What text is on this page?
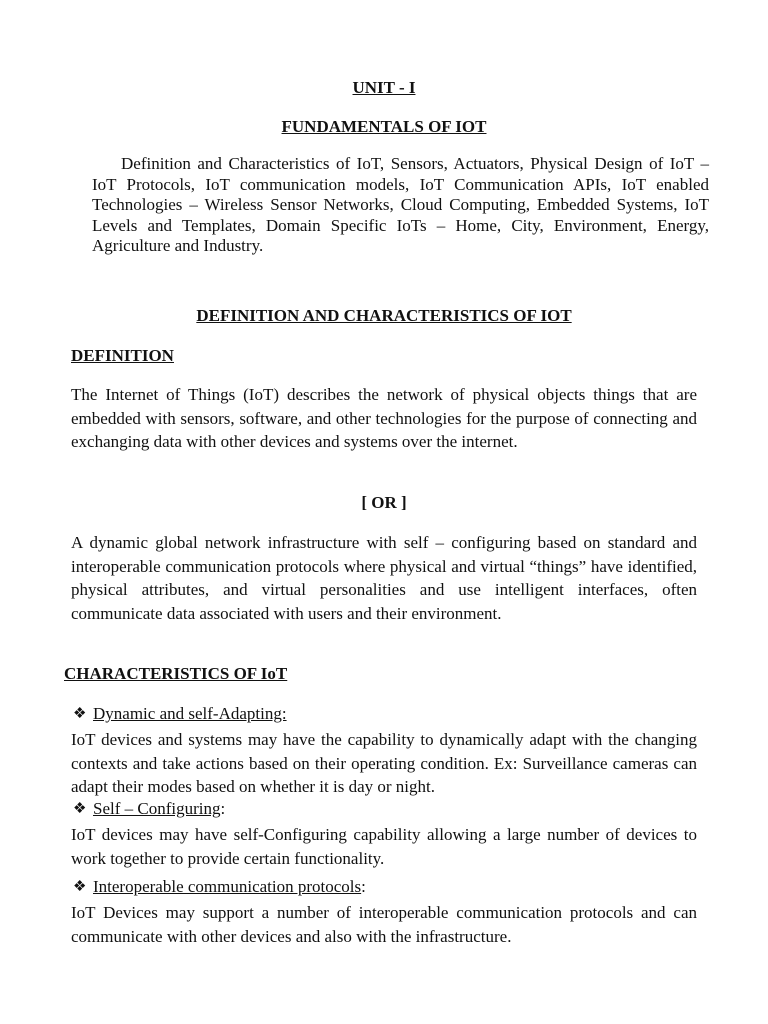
UNIT - I
FUNDAMENTALS OF IOT

Definition and Characteristics of IoT, Sensors, Actuators, Physical Design of IoT – IoT Protocols, IoT communication models, IoT Communication APIs, IoT enabled Technologies – Wireless Sensor Networks, Cloud Computing, Embedded Systems, IoT Levels and Templates, Domain Specific IoTs – Home, City, Environment, Energy, Agriculture and Industry.

DEFINITION AND CHARACTERISTICS OF IOT
DEFINITION

The Internet of Things (IoT) describes the network of physical objects things that are embedded with sensors, software, and other technologies for the purpose of connecting and exchanging data with other devices and systems over the internet.

[ OR ]

A dynamic global network infrastructure with self – configuring based on standard and interoperable communication protocols where physical and virtual “things” have identified, physical attributes, and virtual personalities and use intelligent interfaces, often communicate data associated with users and their environment.

CHARACTERISTICS OF IoT
❖ Dynamic and self-Adapting:

IoT devices and systems may have the capability to dynamically adapt with the changing contexts and take actions based on their operating condition. Ex: Surveillance cameras can adapt their modes based on whether it is day or night.

❖ Self – Configuring:

IoT devices may have self-Configuring capability allowing a large number of devices to work together to provide certain functionality.

❖ Interoperable communication protocols:

IoT Devices may support a number of interoperable communication protocols and can communicate with other devices and also with the infrastructure.
